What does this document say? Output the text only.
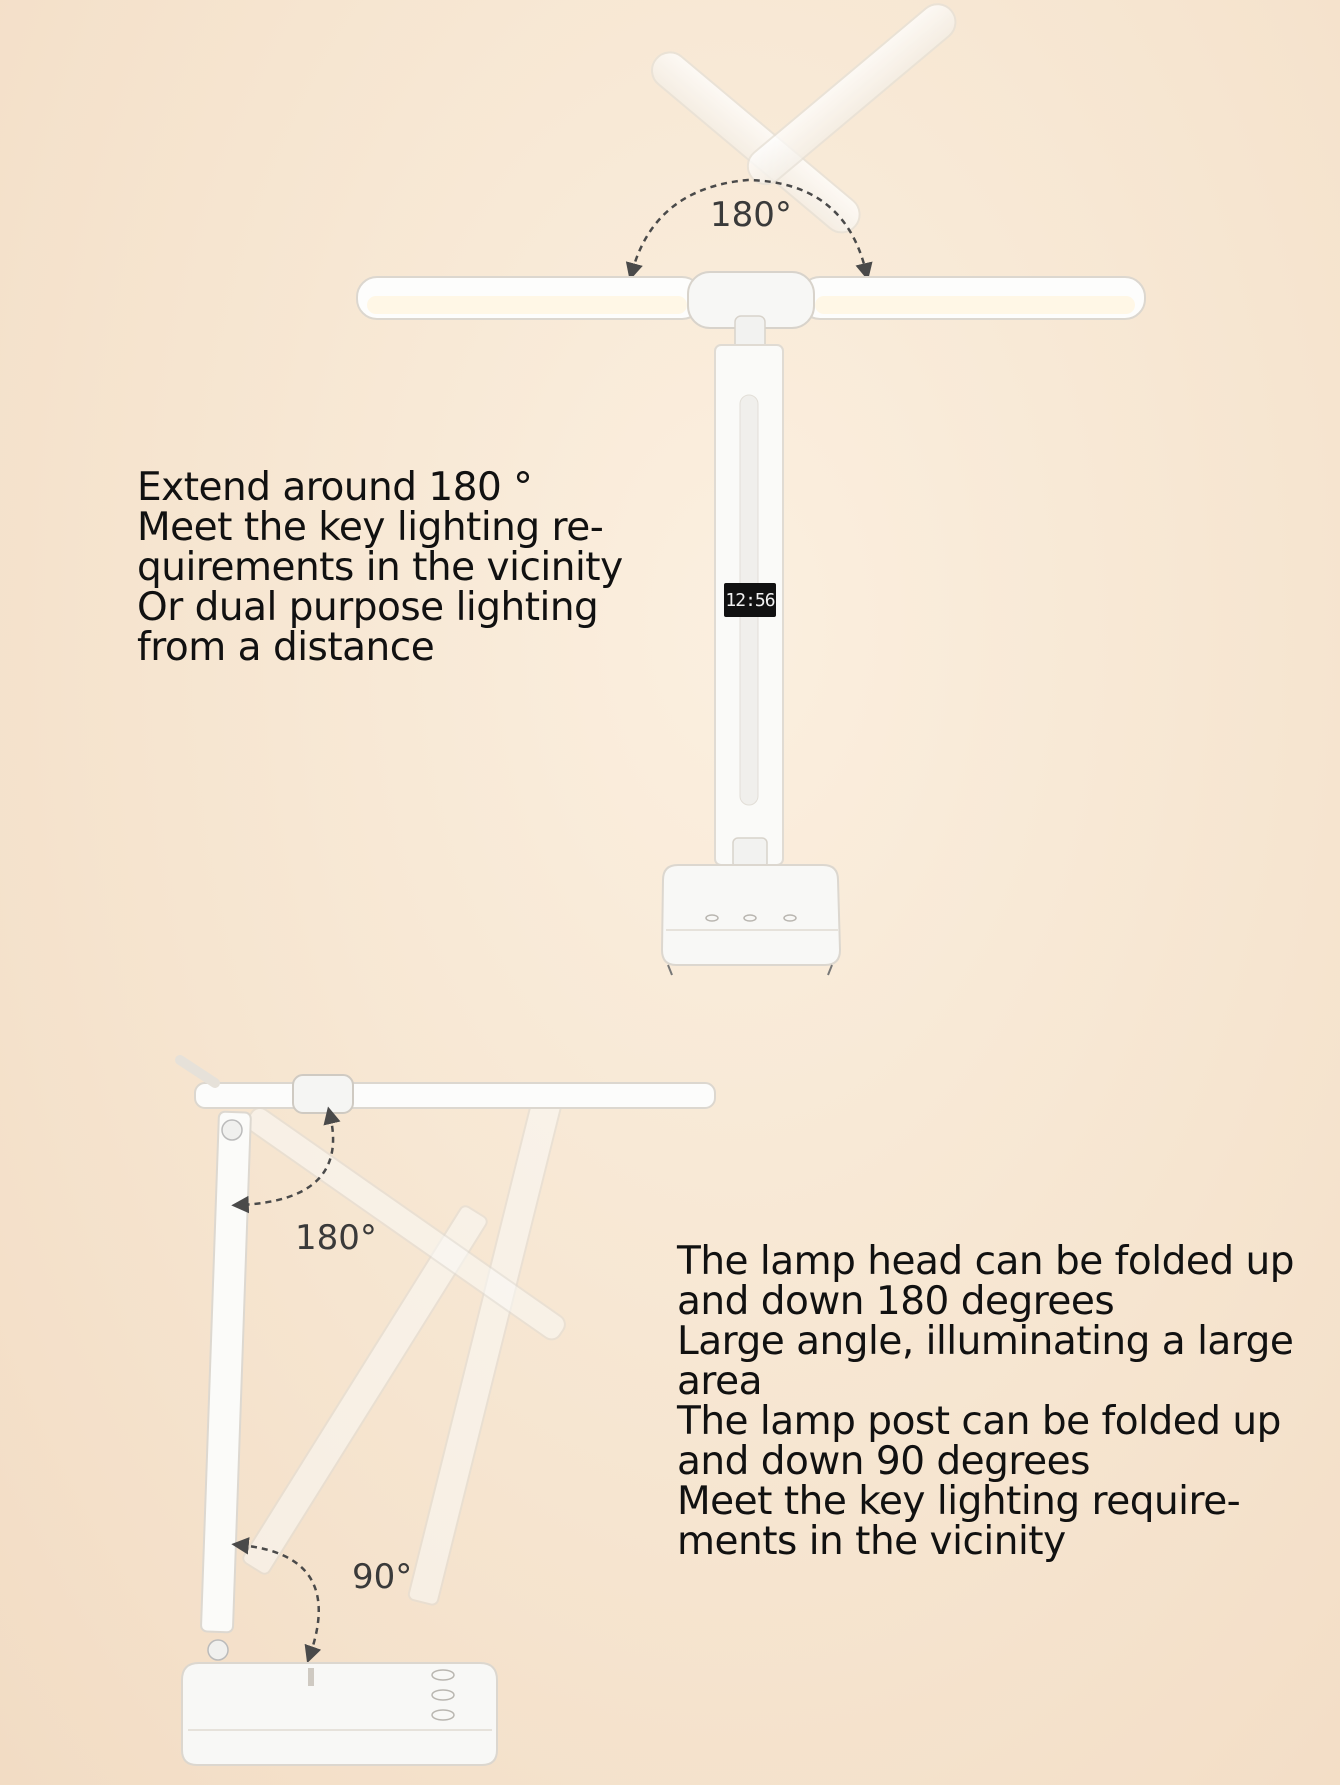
12:56

180°

180°

90°

Extend around 180 °
Meet the key lighting re-
quirements in the vicinity
Or dual purpose lighting
from a distance
The lamp head can be folded up
and down 180 degrees
Large angle, illuminating a large
area
The lamp post can be folded up
and down 90 degrees
Meet the key lighting require-
ments in the vicinity
